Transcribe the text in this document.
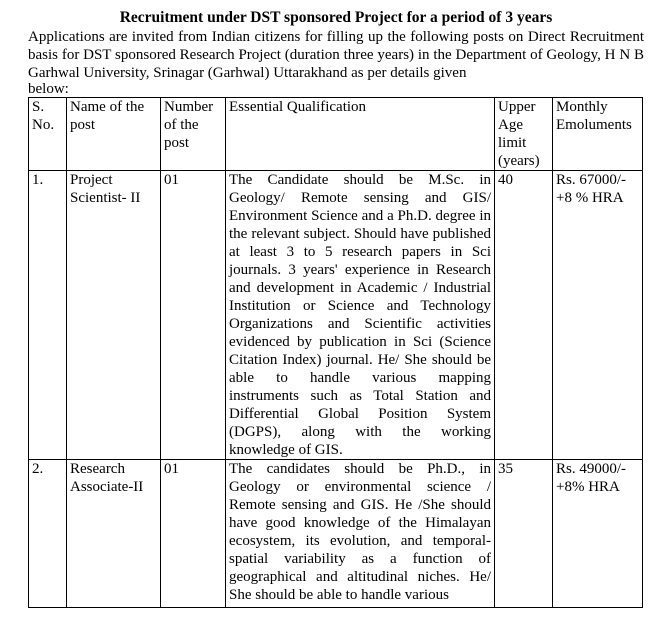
Recruitment under DST sponsored Project for a period of 3 years
Applications are invited from Indian citizens for filling up the following posts on Direct Recruitment basis for DST sponsored Research Project (duration three years) in the Department of Geology, H N B Garhwal University, Srinagar (Garhwal) Uttarakhand as per details given
below:
S. No.	Name of the post	Number of the post	Essential Qualification	Upper Age limit (years)	Monthly Emoluments
1.	Project Scientist- II	01	The Candidate should be M.Sc. in Geology/ Remote sensing and GIS/ Environment Science and a Ph.D. degree in the relevant subject. Should have published at least 3 to 5 research papers in Sci journals. 3 years' experience in Research and development in Academic / Industrial Institution or Science and Technology Organizations and Scientific activities evidenced by publication in Sci (Science Citation Index) journal. He/ She should be able to handle various mapping instruments such as Total Station and Differential Global Position System (DGPS), along with the working knowledge of GIS.	40	Rs. 67000/- +8 % HRA
2.	Research Associate-II	01	The candidates should be Ph.D., in Geology or environmental science / Remote sensing and GIS. He /She should have good knowledge of the Himalayan ecosystem, its evolution, and temporal-spatial variability as a function of geographical and altitudinal niches. He/ She should be able to handle various	35	Rs. 49000/- +8% HRA
